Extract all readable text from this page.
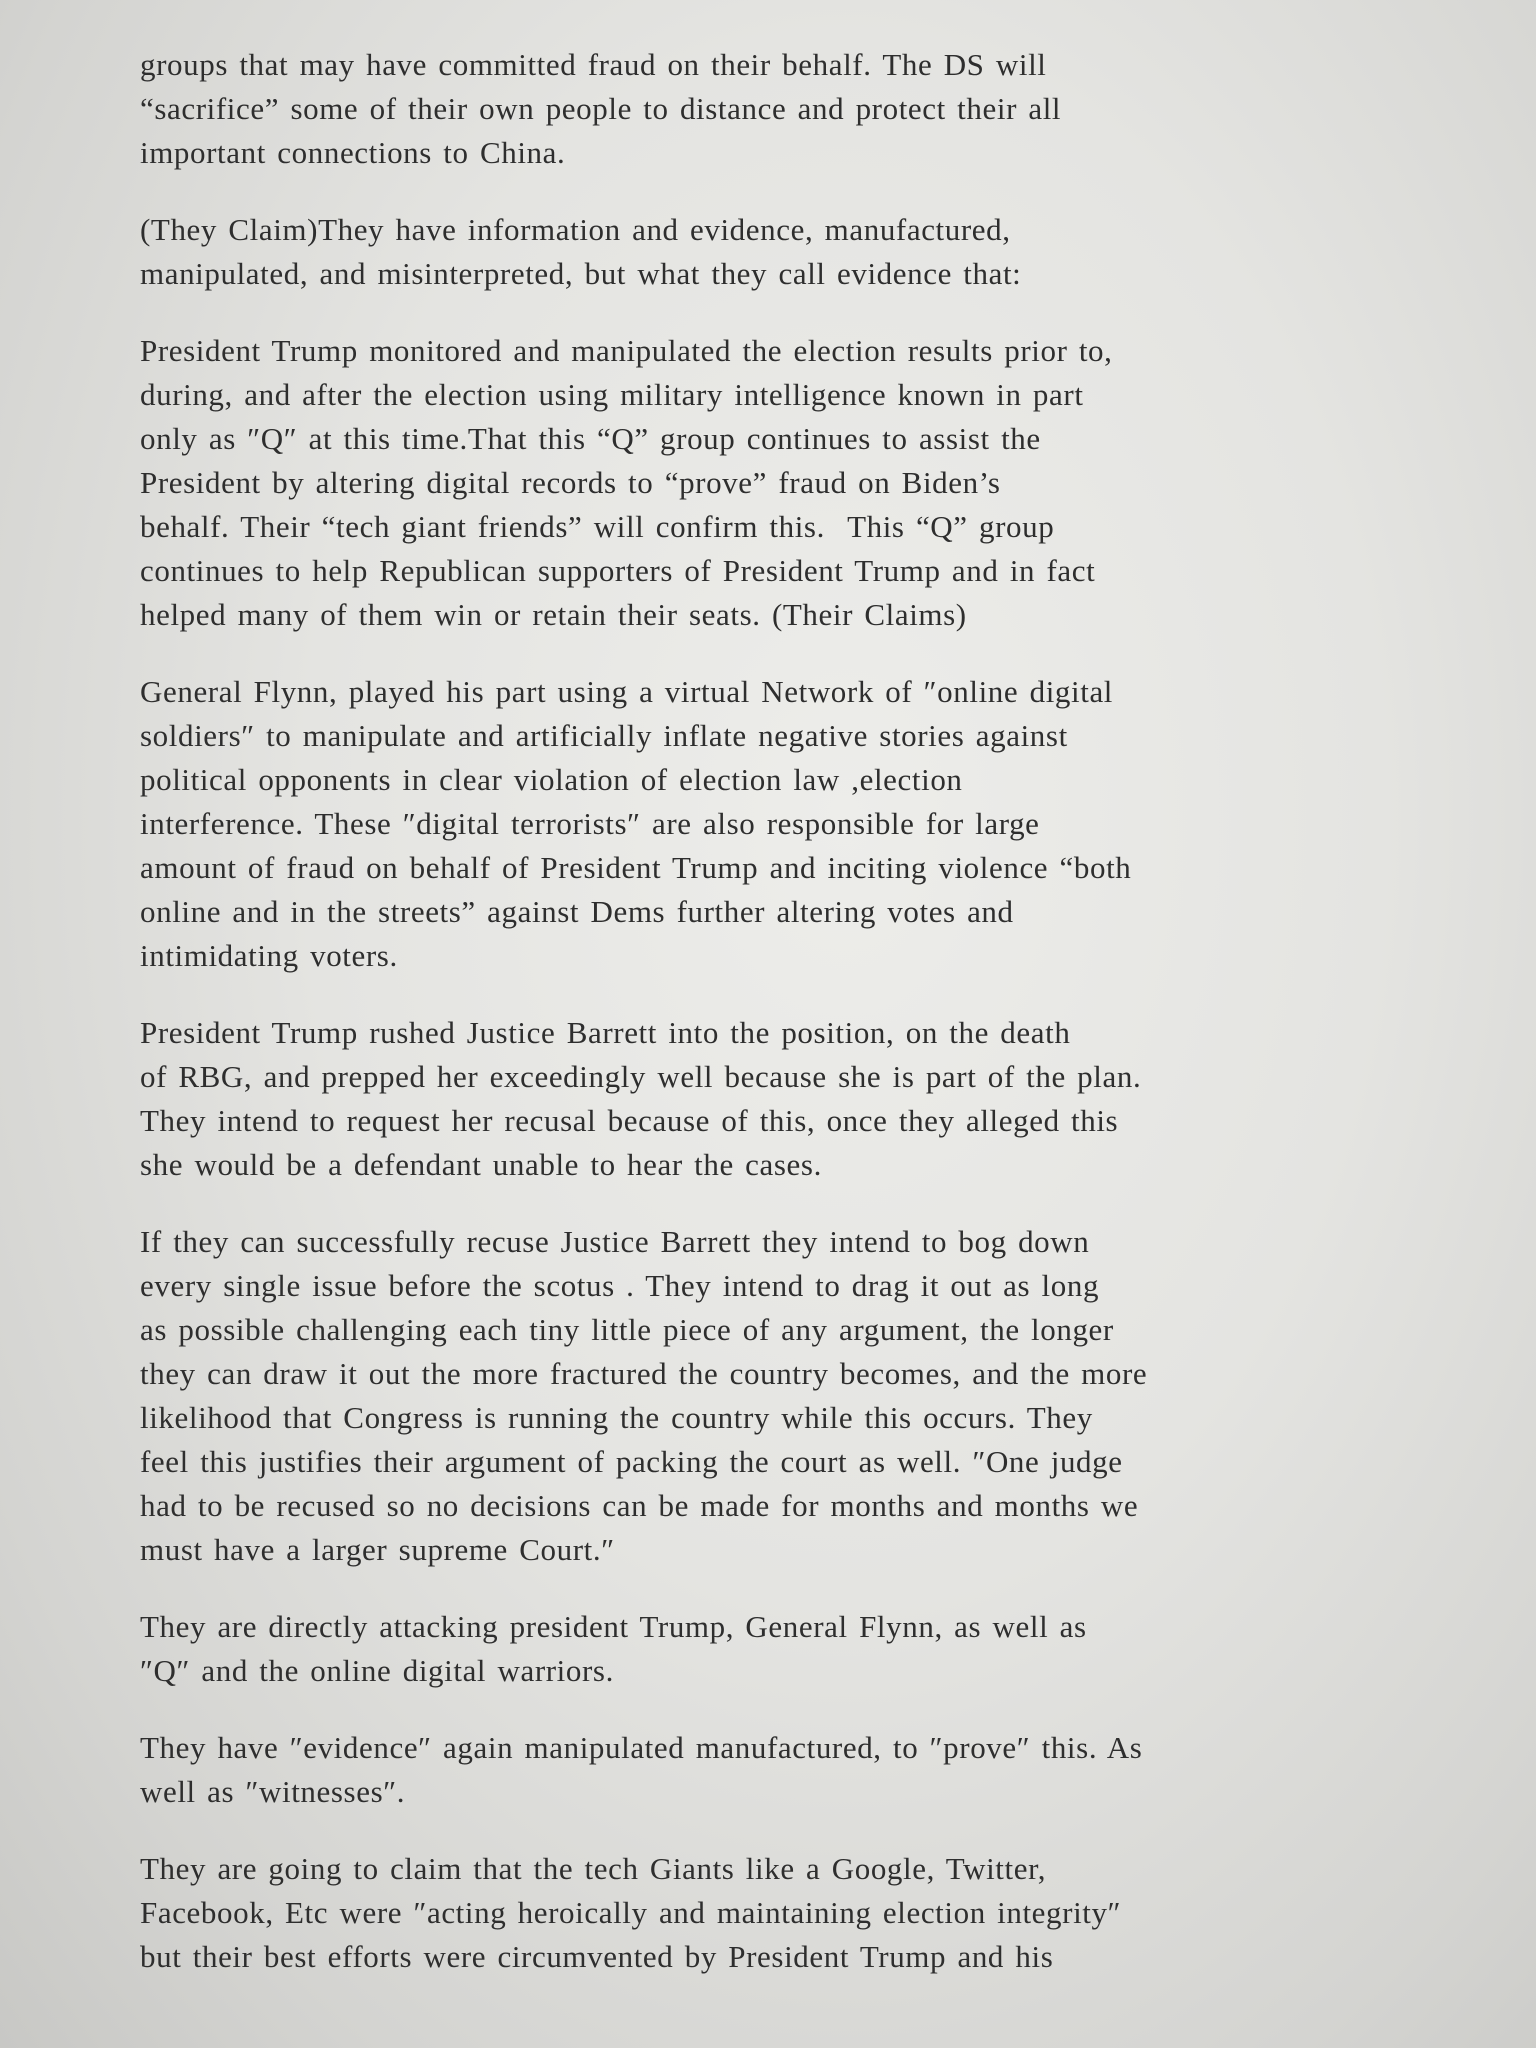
groups that may have committed fraud on their behalf. The DS will
“sacrifice” some of their own people to distance and protect their all
important connections to China.

(They Claim)They have information and evidence, manufactured,
manipulated, and misinterpreted, but what they call evidence that:

President Trump monitored and manipulated the election results prior to,
during, and after the election using military intelligence known in part
only as ″Q″ at this time.That this “Q” group continues to assist the
President by altering digital records to “prove” fraud on Biden’s
behalf. Their “tech giant friends” will confirm this.  This “Q” group
continues to help Republican supporters of President Trump and in fact
helped many of them win or retain their seats. (Their Claims)

General Flynn, played his part using a virtual Network of ″online digital
soldiers″ to manipulate and artificially inflate negative stories against
political opponents in clear violation of election law ,election
interference. These ″digital terrorists″ are also responsible for large
amount of fraud on behalf of President Trump and inciting violence “both
online and in the streets” against Dems further altering votes and
intimidating voters.

President Trump rushed Justice Barrett into the position, on the death
of RBG, and prepped her exceedingly well because she is part of the plan.
They intend to request her recusal because of this, once they alleged this
she would be a defendant unable to hear the cases.

If they can successfully recuse Justice Barrett they intend to bog down
every single issue before the scotus . They intend to drag it out as long
as possible challenging each tiny little piece of any argument, the longer
they can draw it out the more fractured the country becomes, and the more
likelihood that Congress is running the country while this occurs. They
feel this justifies their argument of packing the court as well. ″One judge
had to be recused so no decisions can be made for months and months we
must have a larger supreme Court.″

They are directly attacking president Trump, General Flynn, as well as
″Q″ and the online digital warriors.

They have ″evidence″ again manipulated manufactured, to ″prove″ this. As
well as ″witnesses″.

They are going to claim that the tech Giants like a Google, Twitter,
Facebook, Etc were ″acting heroically and maintaining election integrity″
but their best efforts were circumvented by President Trump and his
